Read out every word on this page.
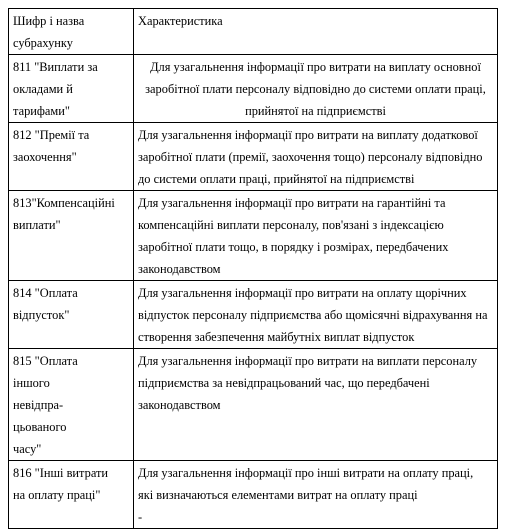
Шифр і назва
субрахунку	Характеристика
811 "Виплати за
окладами й
тарифами"	Для узагальнення інформації про витрати на виплату основної
заробітної плати персоналу відповідно до системи оплати праці,
прийнятої на підприємстві
812 "Премії та
заохочення"	Для узагальнення інформації про витрати на виплату додаткової
заробітної плати (премії, заохочення тощо) персоналу відповідно
до системи оплати праці, прийнятої на підприємстві
813"Компенсаційні
виплати"	Для узагальнення інформації про витрати на гарантійні та
компенсаційні виплати персоналу, пов'язані з індексацією
заробітної плати тощо, в порядку і розмірах, передбачених
законодавством
814 "Оплата
відпусток"	Для узагальнення інформації про витрати на оплату щорічних
відпусток персоналу підприємства або щомісячні відрахування на
створення забезпечення майбутніх виплат відпусток
815 "Оплата
іншого
невідпра-
цьованого
часу"	Для узагальнення інформації про витрати на виплати персоналу
підприємства за невідпрацьований час, що передбачені
законодавством
816 "Інші витрати
на оплату праці"	Для узагальнення інформації про інші витрати на оплату праці,
які визначаються елементами витрат на оплату праці
-
